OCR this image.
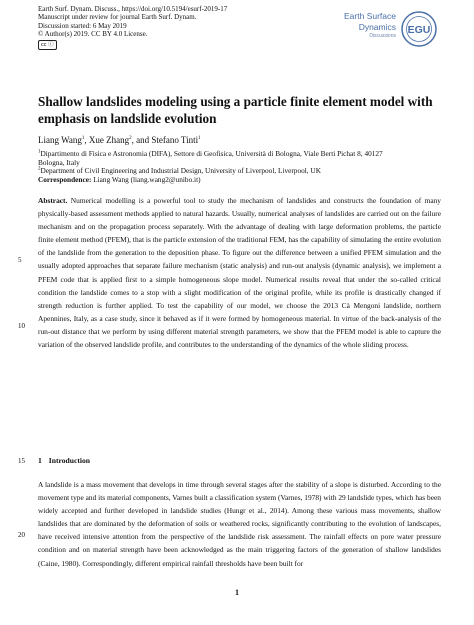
Earth Surf. Dynam. Discuss., https://doi.org/10.5194/esurf-2019-17
Manuscript under review for journal Earth Surf. Dynam.
Discussion started: 6 May 2019
© Author(s) 2019. CC BY 4.0 License.
cc ⓘ
Earth Surface
Dynamics
Discussions EGU
Shallow landslides modeling using a particle finite element model with emphasis on landslide evolution
Liang Wang$^1$, Xue Zhang$^2$, and Stefano Tinti$^1$
$^1$Dipartimento di Fisica e Astronomia (DIFA), Settore di Geofisica, Università di Bologna, Viale Berti Pichat 8, 40127
Bologna, Italy
$^2$Department of Civil Engineering and Industrial Design, University of Liverpool, Liverpool, UK
Correspondence: Liang Wang (liang.wang2@unibo.it)
Abstract. Numerical modelling is a powerful tool to study the mechanism of landslides and constructs the foundation of many physically-based assessment methods applied to natural hazards. Usually, numerical analyses of landslides are carried out on the failure mechanism and on the propagation process separately. With the advantage of dealing with large deformation problems, the particle finite element method (PFEM), that is the particle extension of the traditional FEM, has the capability of simulating the entire evolution of the landslide from the generation to the deposition phase. To figure out the difference between a unified PFEM simulation and the usually adopted approaches that separate failure mechanism (static analysis) and run-out analysis (dynamic analysis), we implement a PFEM code that is applied first to a simple homogeneous slope model. Numerical results reveal that under the so-called critical condition the landslide comes to a stop with a slight modification of the original profile, while its profile is drastically changed if strength reduction is further applied. To test the capability of our model, we choose the 2013 Cà Mengoni landslide, northern Apennines, Italy, as a case study, since it behaved as if it were formed by homogeneous material. In virtue of the back-analysis of the run-out distance that we perform by using different material strength parameters, we show that the PFEM model is able to capture the variation of the observed landslide profile, and contributes to the understanding of the dynamics of the whole sliding process.
5
10
15
20
1 Introduction
A landslide is a mass movement that develops in time through several stages after the stability of a slope is disturbed. According to the movement type and its material components, Varnes built a classification system (Varnes, 1978) with 29 landslide types, which has been widely accepted and further developed in landslide studies (Hungr et al., 2014). Among these various mass movements, shallow landslides that are dominated by the deformation of soils or weathered rocks, significantly contributing to the evolution of landscapes, have received intensive attention from the perspective of the landslide risk assessment. The rainfall effects on pore water pressure condition and on material strength have been acknowledged as the main triggering factors of the generation of shallow landslides (Caine, 1980). Correspondingly, different empirical rainfall thresholds have been built for
1
